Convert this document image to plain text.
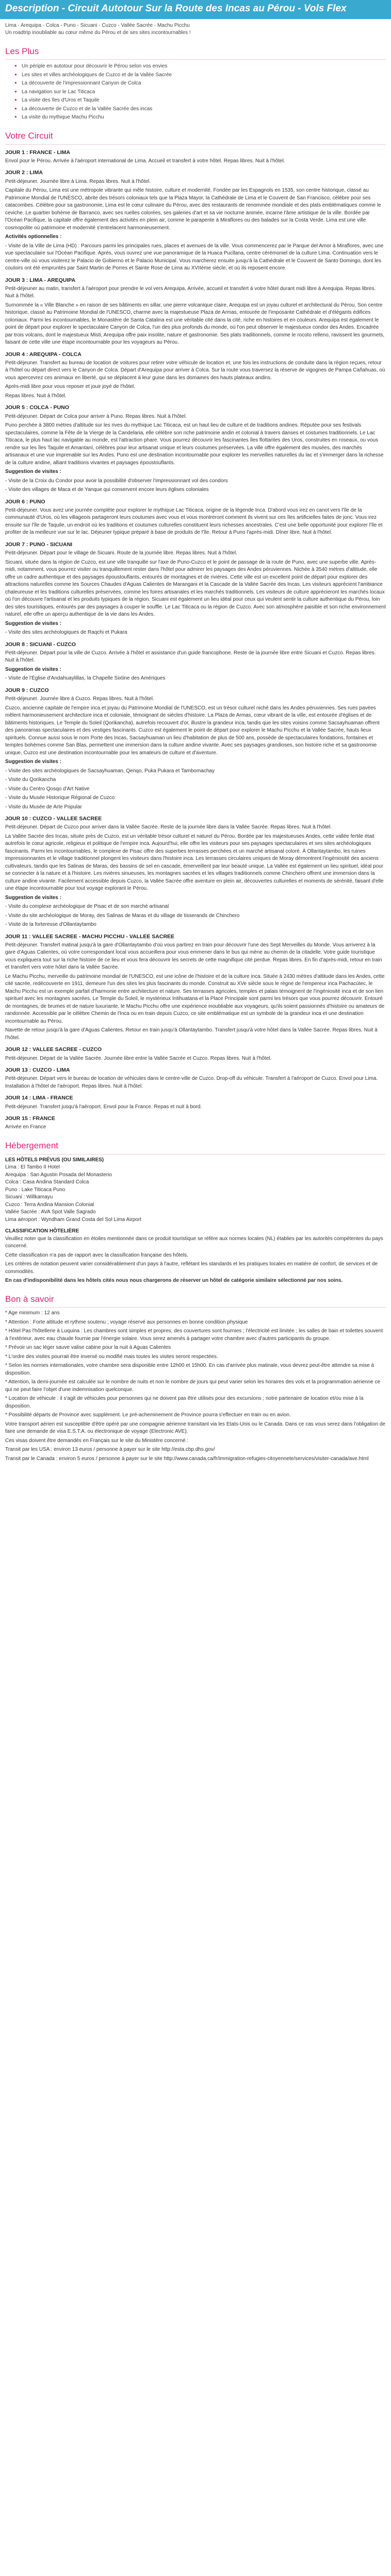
Description - Circuit Autotour Sur la Route des Incas au Pérou - Vols Flex
Lima - Arequipa - Colca - Puno - Sicuani - Cuzco - Vallée Sacrée - Machu Picchu
Un roadtrip inoubliable au cœur même du Pérou et de ses sites incontournables !
Les Plus
● Un périple en autotour pour découvrir le Pérou selon vos envies
● Les sites et villes archéologiques de Cuzco et de la Vallée Sacrée
● La découverte de l'impressionnant Canyon de Colca
● La navigation sur le Lac Titicaca
● La visite des îles d'Uros et Taquile
● La découverte de Cuzco et de la Vallée Sacrée des incas
● La visite du mythique Machu Picchu
Votre Circuit
JOUR 1 : FRANCE - LIMA

Envol pour le Pérou. Arrivée à l'aéroport international de Lima. Accueil et transfert à votre hôtel. Repas libres. Nuit à l'hôtel.

JOUR 2 : LIMA

Petit-déjeuner. Journée libre à Lima. Repas libres. Nuit à l'hôtel.

Capitale du Pérou, Lima est une métropole vibrante qui mêle histoire, culture et modernité. Fondée par les Espagnols en 1535, son centre historique, classé au Patrimoine Mondial de l'UNESCO, abrite des trésors coloniaux tels que la Plaza Mayor, la Cathédrale de Lima et le Couvent de San Francisco, célèbre pour ses catacombes. Célèbre pour sa gastronomie, Lima est le cœur culinaire du Pérou, avec des restaurants de renommée mondiale et des plats emblématiques comme le ceviche. Le quartier bohème de Barranco, avec ses ruelles colorées, ses galeries d'art et sa vie nocturne animée, incarne l'âme artistique de la ville. Bordée par l'Océan Pacifique, la capitale offre également des activités en plein air, comme le parapente à Miraflores ou des balades sur la Costa Verde. Lima est une ville cosmopolite où patrimoine et modernité s'entrelacent harmonieusement.

Activités optionnelles :

- Visite de la Ville de Lima (HD) : Parcours parmi les principales rues, places et avenues de la ville. Vous commencerez par le Parque del Amor à Miraflores, avec une vue spectaculaire sur l'Océan Pacifique. Après, vous ouvrez une vue panoramique de la Huaca Pucllana, centre cérémoniel de la culture Lima. Continuation vers le centre-ville où vous visiterez le Palacio de Gobierno et le Palacio Municipal. Vous marcherez ensuite jusqu'à la Cathédrale et le Couvent de Santo Domingo, dont les couloirs ont été empruntés par Saint Martin de Porres et Sainte Rose de Lima au XVIIème siècle, et où ils reposent encore.

JOUR 3 : LIMA - AREQUIPA

Petit-déjeuner au matin, transfert à l'aéroport pour prendre le vol vers Arequipa. Arrivée, accueil et transfert à votre hôtel durant midi libre à Arequipa. Repas libres. Nuit à l'hôtel.

Surnommée la « Ville Blanche » en raison de ses bâtiments en sillar, une pierre volcanique claire, Arequipa est un joyau culturel et architectural du Pérou. Son centre historique, classé au Patrimoine Mondial de l'UNESCO, charme avec la majestueuse Plaza de Armas, entourée de l'imposante Cathédrale et d'élégants édifices coloniaux. Parmi les incontournables, le Monastère de Santa Catalina est une véritable cité dans la cité, riche en histoires et en couleurs. Arequipa est également le point de départ pour explorer le spectaculaire Canyon de Colca, l'un des plus profonds du monde, où l'on peut observer le majestueux condor des Andes. Encadrée par trois volcans, dont le majestueux Misti, Arequipa offre paix insolite, nature et gastronomie. Ses plats traditionnels, comme le rocoto relleno, ravissent les gourmets, faisant de cette ville une étape incontournable pour les voyageurs au Pérou.

JOUR 4 : AREQUIPA - COLCA

Petit-déjeuner. Transfert au bureau de location de voitures pour retirer votre véhicule de location et, une fois les instructions de conduite dans la région reçues, retour à l'hôtel ou départ direct vers le Canyon de Colca. Départ d'Arequipa pour arriver à Colca. Sur la route vous traversez la réserve de vigognes de Pampa Cañahuas, où vous apercevrez ces animaux en liberté, qui se déplacent à leur guise dans les domaines des hauts plateaux andins.

Après-midi libre pour vous reposer et jouir joyé de l'hôtel.

Repas libres. Nuit à l'hôtel.

JOUR 5 : COLCA - PUNO

Petit-déjeuner. Départ de Colca pour arriver à Puno. Repas libres. Nuit à l'hôtel.

Puno perchée à 3800 mètres d'altitude sur les rives du mythique Lac Titicaca, est un haut lieu de culture et de traditions andines. Réputée pour ses festivals spectaculaires, comme la Fête de la Vierge de la Candelaria, elle célèbre son riche patrimoine andin et colonial à travers danses et costumes traditionnels. Le Lac Titicaca, le plus haut lac navigable au monde, est l'attraction phare. Vous pourrez découvrir les fascinantes îles flottantes des Uros, construites en roseaux, ou vous rendre sur les îles Taquile et Amantaní, célèbres pour leur artisanat unique et leurs coutumes préservées. La ville offre également des musées, des marchés artisanaux et une vue imprenable sur les Andes. Puno est une destination incontournable pour explorer les merveilles naturelles du lac et s'immerger dans la richesse de la culture andine, alliant traditions vivantes et paysages époustouflants.

Suggestion de visites :

- Visite de la Croix du Condor pour avoir la possibilité d'observer l'impressionnant vol des condors

- Visite des villages de Maca et de Yanque qui conservent encore leurs églises coloniales

JOUR 6 : PUNO

Petit-déjeuner. Vous avez une journée complète pour explorer le mythique Lac Titicaca, origine de la légende Inca. D'abord vous irez en canot vers l'île de la communauté d'Uros, où les villageois partageront leurs coutumes avec vous et vous montreront comment ils vivent sur ces îles artificielles faites de jonc. Vous irez ensuite sur l'île de Taquile, un endroit où les traditions et coutumes culturelles constituent leurs richesses ancestrales. C'est une belle opportunité pour explorer l'île et profiter de la meilleure vue sur le lac. Déjeuner typique préparé à base de produits de l'île. Retour à Puno l'après-midi. Dîner libre. Nuit à l'hôtel.

JOUR 7 : PUNO - SICUANI

Petit-déjeuner. Départ pour le village de Sicuani. Route de la journée libre. Repas libres. Nuit à l'hôtel.

Sicuani, située dans la région de Cuzco, est une ville tranquille sur l'axe de Puno-Cuzco et le point de passage de la route de Puno, avec une superbe ville. Après-midi, notamment, vous pourrez visiter ou tranquillement rester dans l'hôtel pour admirer les paysages des Andes péruviennes. Nichée à 3540 mètres d'altitude, elle offre un cadre authentique et des paysages époustouflants, entourés de montagnes et de rivières. Cette ville est un excellent point de départ pour explorer des attractions naturelles comme les Sources Chaudes d'Aguas Calientes de Marangani et la Cascade de la Vallée Sacrée des Incas. Les visiteurs apprécient l'ambiance chaleureuse et les traditions culturelles préservées, comme les foires artisanales et les marchés traditionnels. Les visiteurs de culture apprécieront les marchés locaux où l'on découvre l'artisanat et les produits typiques de la région. Sicuani est également un lieu idéal pour ceux qui veulent sentir la culture authentique du Pérou, loin des sites touristiques, entourés par des paysages à couper le souffle. Le Lac Titicaca ou la région de Cuzco. Avec son atmosphère paisible et son riche environnement naturel, elle offre un aperçu authentique de la vie dans les Andes.

Suggestion de visites :

- Visite des sites archéologiques de Raqchi et Pukara

JOUR 8 : SICUANI - CUZCO

Petit-déjeuner. Départ pour la ville de Cuzco. Arrivée à l'hôtel et assistance d'un guide francophone. Reste de la journée libre entre Sicuani et Cuzco. Repas libres. Nuit à l'hôtel.

Suggestion de visites :

- Visite de l'Église d'Andahuaylillas, la Chapelle Sixtine des Amériques

JOUR 9 : CUZCO

Petit-déjeuner. Journée libre à Cuzco. Repas libres. Nuit à l'hôtel.

Cuzco, ancienne capitale de l'empire inca et joyau du Patrimoine Mondial de l'UNESCO, est un trésor culturel niché dans les Andes péruviennes. Ses rues pavées mêlent harmonieusement architecture inca et coloniale, témoignant de siècles d'histoire. La Plaza de Armas, cœur vibrant de la ville, est entourée d'églises et de bâtiments historiques. Le Temple du Soleil (Qorikancha), autrefois recouvert d'or, illustre la grandeur inca, tandis que les sites voisins comme Sacsayhuaman offrent des panoramas spectaculaires et des vestiges fascinants. Cuzco est également le point de départ pour explorer le Machu Picchu et la Vallée Sacrée, hauts lieux spirituels. Connue aussi sous le nom Porte des Incas, Sacsayhuaman un lieu d'habitation de plus de 500 ans, possède de spectaculaires fondations, fontaines et temples bohèmes comme San Blas, permettent une immersion dans la culture andine vivante. Avec ses paysages grandioses, son histoire riche et sa gastronomie unique, Cuzco est une destination incontournable pour les amateurs de culture et d'aventure.

Suggestion de visites :

- Visite des sites archéologiques de Sacsayhuaman, Qenqo, Puka Pukara et Tambomachay

- Visite du Qorikancha

- Visite du Centro Qosqo d'Art Native

- Visite du Musée Historique Régional de Cuzco

- Visite du Musée de Arte Popular

JOUR 10 : CUZCO - VALLEE SACREE

Petit-déjeuner. Départ de Cuzco pour arriver dans la Vallée Sacrée. Reste de la journée libre dans la Vallée Sacrée. Repas libres. Nuit à l'hôtel.

La Vallée Sacrée des Incas, située près de Cuzco, est un véritable trésor culturel et naturel du Pérou. Bordée par les majestueuses Andes, cette vallée fertile était autrefois le cœur agricole, religieux et politique de l'empire inca. Aujourd'hui, elle offre les visiteurs pour ses paysages spectaculaires et ses sites archéologiques fascinants. Parmi les incontournables, le complexe de Pisac offre des superbes terrasses perchées et un marché artisanal coloré. À Ollantaytambo, les ruines impressionnantes et le village traditionnel plongent les visiteurs dans l'histoire inca. Les terrasses circulaires uniques de Moray démontrent l'ingéniosité des anciens cultivateurs, tandis que les Salinas de Maras, des bassins de sel en cascade, émerveillent par leur beauté unique. La Vallée est également un lieu spirituel, idéal pour se connecter à la nature et à l'histoire. Les rivières sinueuses, les montagnes sacrées et les villages traditionnels comme Chinchero offrent une immersion dans la culture andine vivante. Facilement accessible depuis Cuzco, la Vallée Sacrée offre aventure en plein air, découvertes culturelles et moments de sérénité, faisant d'elle une étape incontournable pour tout voyage explorant le Pérou.

Suggestion de visites :

- Visite du complexe archéologique de Pisac et de son marché artisanal

- Visite du site archéologique de Moray, des Salinas de Maras et du village de tisserands de Chinchero

- Visite de la forteresse d'Ollantaytambo

JOUR 11 : VALLEE SACREE - MACHU PICCHU - VALLEE SACREE

Petit-déjeuner. Transfert matinal jusqu'à la gare d'Ollantaytambo d'où vous partirez en train pour découvrir l'une des Sept Merveilles du Monde. Vous arriverez à la gare d'Aguas Calientes, où votre correspondant local vous accueillera pour vous emmener dans le bus qui mène au chemin de la citadelle. Votre guide touristique vous expliquera tout sur la riche histoire de ce lieu et vous fera découvrir les secrets de cette magnifique cité perdue. Repas libres. En fin d'après-midi, retour en train et transfert vers votre hôtel dans la Vallée Sacrée.

Le Machu Picchu, merveille du patrimoine mondial de l'UNESCO, est une icône de l'histoire et de la culture inca. Située à 2430 mètres d'altitude dans les Andes, cette cité sacrée, redécouverte en 1911, demeure l'un des sites les plus fascinants du monde. Construit au XVe siècle sous le règne de l'empereur inca Pachacútec, le Machu Picchu est un exemple parfait d'harmonie entre architecture et nature. Ses terrasses agricoles, temples et palais témoignent de l'ingéniosité inca et de son lien spirituel avec les montagnes sacrées. Le Temple du Soleil, le mystérieux Intihuatana et la Place Principale sont parmi les trésors que vous pourrez découvrir. Entouré de montagnes, de brumes et de nature luxuriante, le Machu Picchu offre une expérience inoubliable aux voyageurs, qu'ils soient passionnés d'histoire ou amateurs de randonnée. Accessible par le célèbre Chemin de l'Inca ou en train depuis Cuzco, ce site emblématique est un symbole de la grandeur inca et une destination incontournable au Pérou.

Navette de retour jusqu'à la gare d'Aguas Calientes. Retour en train jusqu'à Ollantaytambo. Transfert jusqu'à votre hôtel dans la Vallée Sacrée. Repas libres. Nuit à l'hôtel.

JOUR 12 : VALLEE SACREE - CUZCO

Petit-déjeuner. Départ de la Vallée Sacrée. Journée libre entre la Vallée Sacrée et Cuzco. Repas libres. Nuit à l'hôtel.

JOUR 13 : CUZCO - LIMA

Petit-déjeuner. Départ vers le bureau de location de véhicules dans le centre-ville de Cuzco. Drop-off du véhicule. Transfert à l'aéroport de Cuzco. Envol pour Lima. Installation à l'hôtel de l'aéroport. Repas libres. Nuit à l'hôtel.

JOUR 14 : LIMA - FRANCE

Petit-déjeuner. Transfert jusqu'à l'aéroport. Envol pour la France. Repas et nuit à bord.

JOUR 15 : FRANCE

Arrivée en France

Hébergement
LES HÔTELS PRÉVUS (OU SIMILAIRES)
Lima : El Tambo II Hotel
Arequipa : San Agustin Posada del Monasterio
Colca : Casa Andina Standard Colca
Puno : Lake Titicaca Puno
Sicuani : Willkamayu
Cuzco : Terra Andina Mansion Colonial
Vallée Sacrée : AVA Spot Valle Sagrado
Lima aéroport : Wyndham Grand Costa del Sol Lima Airport
CLASSIFICATION HÔTELIÈRE

Veuillez noter que la classification en étoiles mentionnée dans ce produit touristique se réfère aux normes locales (NL) établies par les autorités compétentes du pays concerné.

Cette classification n'a pas de rapport avec la classification française des hôtels.

Les critères de notation peuvent varier considérablement d'un pays à l'autre, reflétant les standards et les pratiques locales en matière de confort, de services et de commodités.

En cas d'indisponibilité dans les hôtels cités nous nous chargerons de réserver un hôtel de catégorie similaire sélectionné par nos soins.

Bon à savoir
* Age minimum : 12 ans
* Attention : Forte altitude et rythme soutenu ; voyage réservé aux personnes en bonne condition physique
* Hôtel Pas l'hôtellerie à Luquina : Les chambres sont simples et propres, des couvertures sont fournies ; l'électricité est limitée ; les salles de bain et toilettes souvent à l'extérieur, avec eau chaude fournie par l'énergie solaire. Vous serez amenés à partager votre chambre avec d'autres participants du groupe.
* Prévoir un sac léger sauve valise cabine pour la nuit à Aguas Calientes
* L'ordre des visites pourrait être inversé ou modifié mais toutes les visites seront respectées.
* Selon les normes internationales, votre chambre sera disponible entre 12h00 et 15h00. En cas d'arrivée plus matinale, vous devrez peut-être attendre sa mise à disposition.
* Attention, la demi-journée est calculée sur le nombre de nuits et non le nombre de jours qui peut varier selon les horaires des vols et la programmation aérienne ce qui ne peut faire l'objet d'une indemnisation quelconque.
* Location de véhicule : il s'agit de véhicules pour personnes qui ne doivent pas être utilisés pour des excursions ; notre partenaire de location et/ou mise à la disposition.
* Possibilité départs de Province avec supplément. Le pré-acheminement de Province pourra s'effectuer en train ou en avion.
Votre transport aérien est susceptible d'être opéré par une compagnie aérienne transitant via les Etats-Unis ou le Canada. Dans ce cas vous serez dans l'obligation de faire une demande de visa E.S.T.A. ou électronique de voyage (Electronic AVE).
Ces visas doivent être demandés en Français sur le site du Ministère concerné :
Transit par les USA : environ 13 euros / personne à payer sur le site http://esta.cbp.dhs.gov/
Transit par le Canada : environ 5 euros / personne à payer sur le site http://www.canada.ca/fr/immigration-refugies-citoyennete/services/visiter-canada/ave.html
